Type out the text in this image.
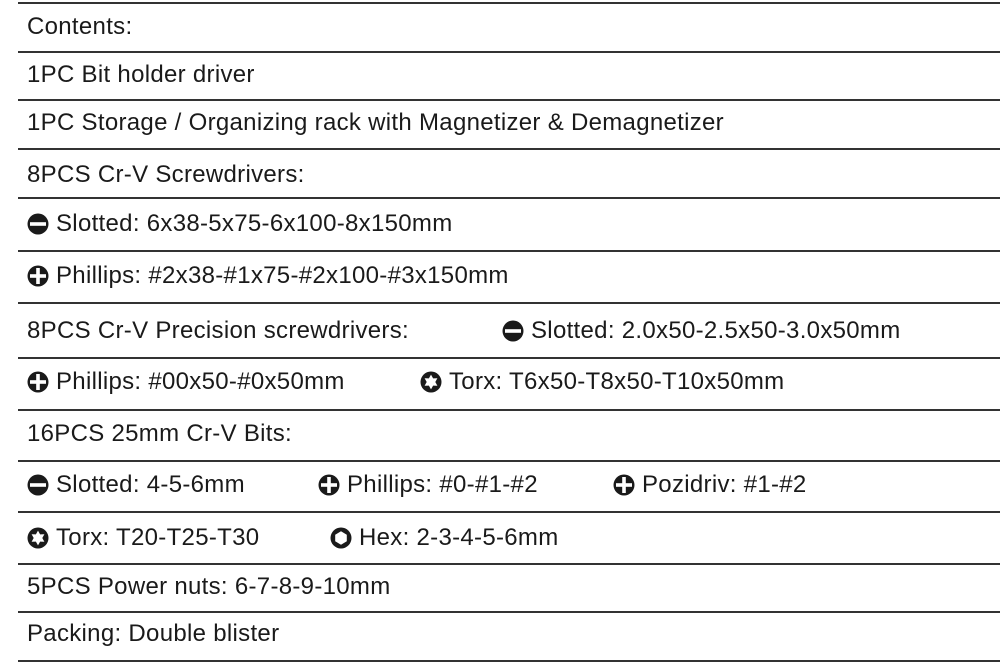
Contents:
1PC Bit holder driver
1PC Storage / Organizing rack with Magnetizer & Demagnetizer
8PCS Cr-V Screwdrivers:
Slotted: 6x38-5x75-6x100-8x150mm
Phillips: #2x38-#1x75-#2x100-#3x150mm
8PCS Cr-V Precision screwdrivers:	Slotted: 2.0x50-2.5x50-3.0x50mm
Phillips: #00x50-#0x50mm	Torx: T6x50-T8x50-T10x50mm
16PCS 25mm Cr-V Bits:
Slotted: 4-5-6mm	Phillips: #0-#1-#2	Pozidriv: #1-#2
Torx: T20-T25-T30	Hex: 2-3-4-5-6mm
5PCS Power nuts: 6-7-8-9-10mm
Packing: Double blister
